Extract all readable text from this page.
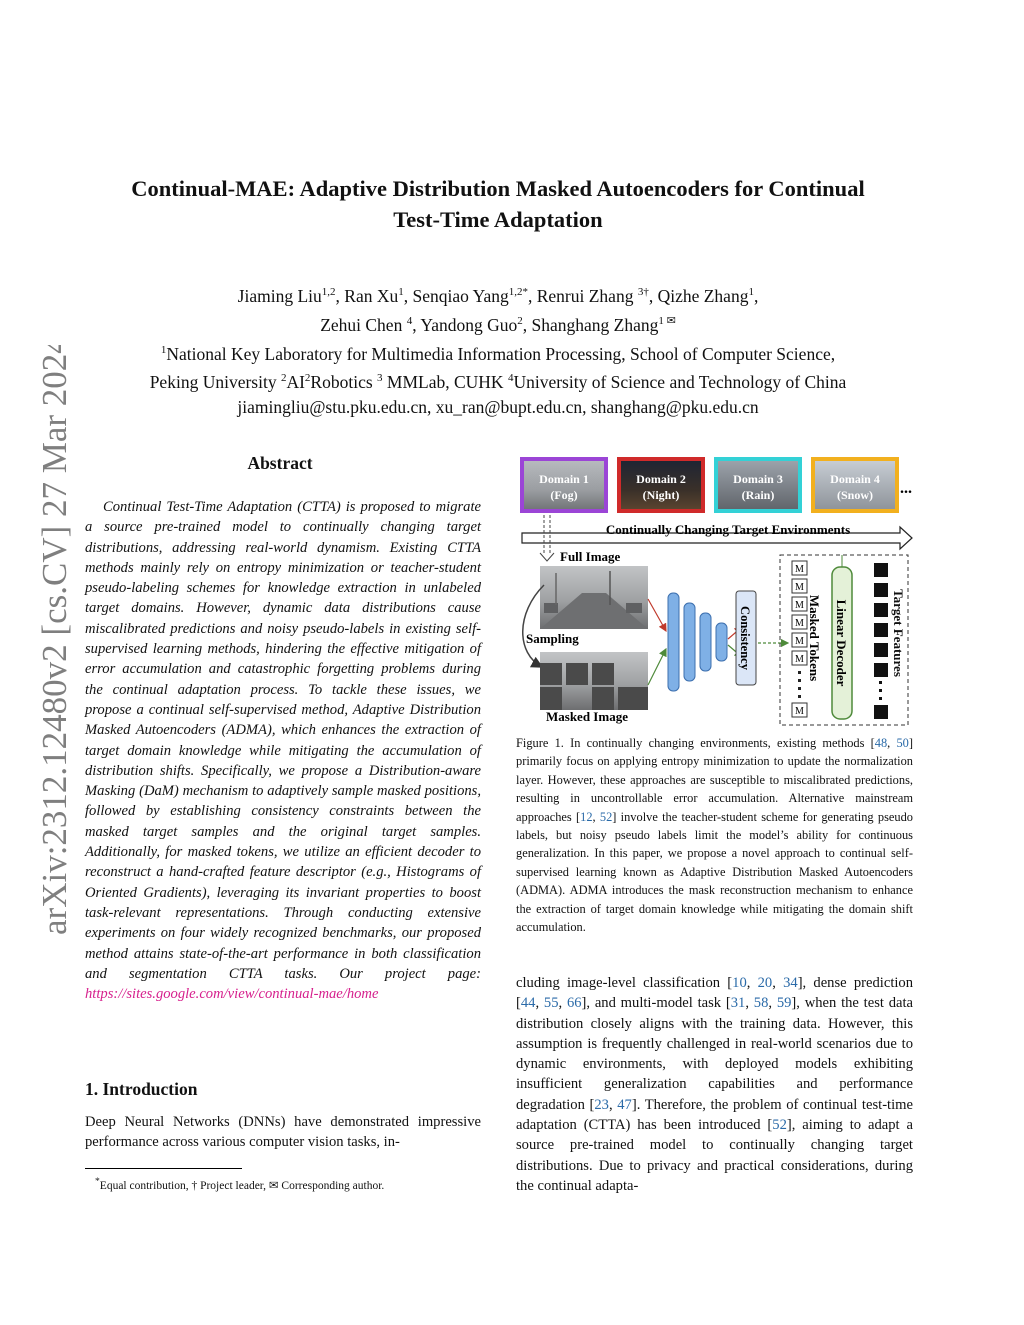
arXiv:2312.12480v2 [cs.CV] 27 Mar 2024
Continual-MAE: Adaptive Distribution Masked Autoencoders for Continual
Test-Time Adaptation
Jiaming Liu$^{1,2}$, Ran Xu$^1$, Senqiao Yang$^{1,2*}$, Renrui Zhang $^{3\dagger}$, Qizhe Zhang$^1$,
Zehui Chen $^4$, Yandong Guo$^2$, Shanghang Zhang$^{1 ✉}$
$^1$National Key Laboratory for Multimedia Information Processing, School of Computer Science,
Peking University $^2AI^2Robotics$ $^3$ MMLab, CUHK $^4$University of Science and Technology of China
jiamingliu@stu.pku.edu.cn, xu_ran@bupt.edu.cn, shanghang@pku.edu.cn
Abstract
Continual Test-Time Adaptation (CTTA) is proposed to migrate a source pre-trained model to continually changing target distributions, addressing real-world dynamism. Existing CTTA methods mainly rely on entropy minimization or teacher-student pseudo-labeling schemes for knowledge extraction in unlabeled target domains. However, dynamic data distributions cause miscalibrated predictions and noisy pseudo-labels in existing self-supervised learning methods, hindering the effective mitigation of error accumulation and catastrophic forgetting problems during the continual adaptation process. To tackle these issues, we propose a continual self-supervised method, Adaptive Distribution Masked Autoencoders (ADMA), which enhances the extraction of target domain knowledge while mitigating the accumulation of distribution shifts. Specifically, we propose a Distribution-aware Masking (DaM) mechanism to adaptively sample masked positions, followed by establishing consistency constraints between the masked target samples and the original target samples. Additionally, for masked tokens, we utilize an efficient decoder to reconstruct a hand-crafted feature descriptor (e.g., Histograms of Oriented Gradients), leveraging its invariant properties to boost task-relevant representations. Through conducting extensive experiments on four widely recognized benchmarks, our proposed method attains state-of-the-art performance in both classification and segmentation CTTA tasks. Our project page: https://sites.google.com/view/continual-mae/home
1. Introduction
Deep Neural Networks (DNNs) have demonstrated impressive performance across various computer vision tasks, in-
*Equal contribution, † Project leader, ✉ Corresponding author.
Domain 1
(Fog)
Domain 2
(Night)
Domain 3
(Rain)
Domain 4
(Snow) ...
Continually Changing Target Environments
Full Image
Sampling
Masked Image
Consistency
M
M
M
M
M
M
M
Masked Tokens Linear Decoder	Target Features
Figure 1. In continually changing environments, existing methods [48, 50] primarily focus on applying entropy minimization to update the normalization layer. However, these approaches are susceptible to miscalibrated predictions, resulting in uncontrollable error accumulation. Alternative mainstream approaches [12, 52] involve the teacher-student scheme for generating pseudo labels, but noisy pseudo labels limit the model’s ability for continuous generalization. In this paper, we propose a novel approach to continual self-supervised learning known as Adaptive Distribution Masked Autoencoders (ADMA). ADMA introduces the mask reconstruction mechanism to enhance the extraction of target domain knowledge while mitigating the domain shift accumulation.
cluding image-level classification [10, 20, 34], dense prediction [44, 55, 66], and multi-model task [31, 58, 59], when the test data distribution closely aligns with the training data. However, this assumption is frequently challenged in real-world scenarios due to dynamic environments, with deployed models exhibiting insufficient generalization capabilities and performance degradation [23, 47]. Therefore, the problem of continual test-time adaptation (CTTA) has been introduced [52], aiming to adapt a source pre-trained model to continually changing target distributions. Due to privacy and practical considerations, during the continual adapta-
